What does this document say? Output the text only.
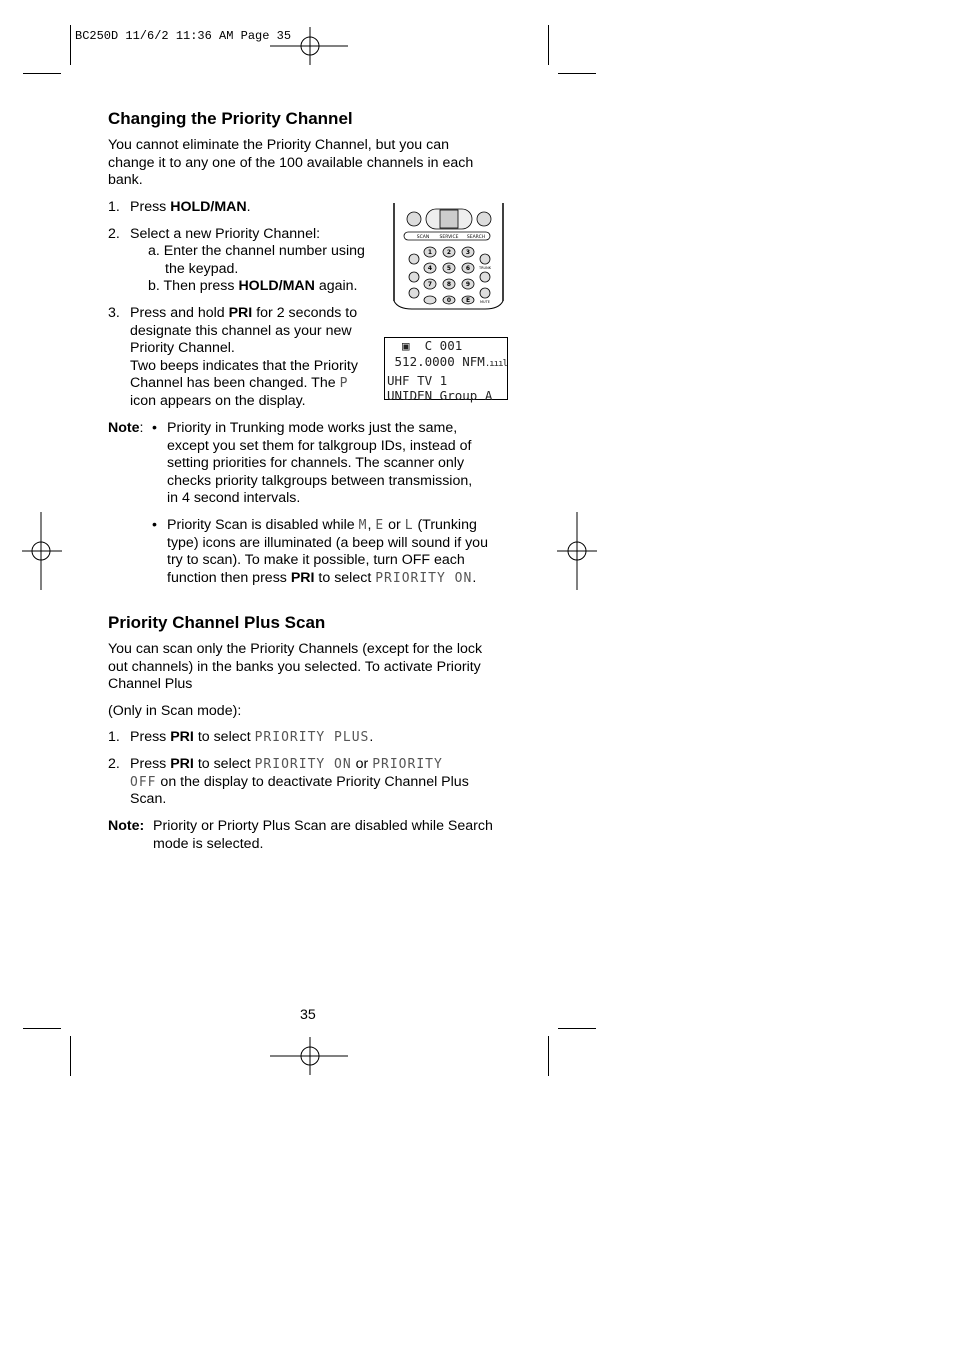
BC250D 11/6/2 11:36 AM Page 35
Changing the Priority Channel
You cannot eliminate the Priority Channel, but you can
change it to any one of the 100 available channels in each
bank.
1. Press HOLD/MAN.
2. Select a new Priority Channel:
a. Enter the channel number using
the keypad.
b. Then press HOLD/MAN again.
3. Press and hold PRI for 2 seconds to
designate this channel as your new
Priority Channel.
Two beeps indicates that the Priority
Channel has been changed. The P
icon appears on the display.
SCAN SERVICE SEARCH
1 2 3
4 5 6
7 8 9
0 E
TRUNK
MUTE
▣  C 001
512.0000 NFM.ıııl
UHF TV 1
UNIDEN Group A
Note: • Priority in Trunking mode works just the same,
except you set them for talkgroup IDs, instead of
setting priorities for channels. The scanner only
checks priority talkgroups between transmission,
in 4 second intervals.
• Priority Scan is disabled while M, E or L (Trunking
type) icons are illuminated (a beep will sound if you
try to scan). To make it possible, turn OFF each
function then press PRI to select PRIORITY ON.
Priority Channel Plus Scan
You can scan only the Priority Channels (except for the lock
out channels) in the banks you selected. To activate Priority
Channel Plus
(Only in Scan mode):
1. Press PRI to select PRIORITY PLUS.
2. Press PRI to select PRIORITY ON or PRIORITY
OFF on the display to deactivate Priority Channel Plus
Scan.
Note: Priority or Priorty Plus Scan are disabled while Search
mode is selected.
35
